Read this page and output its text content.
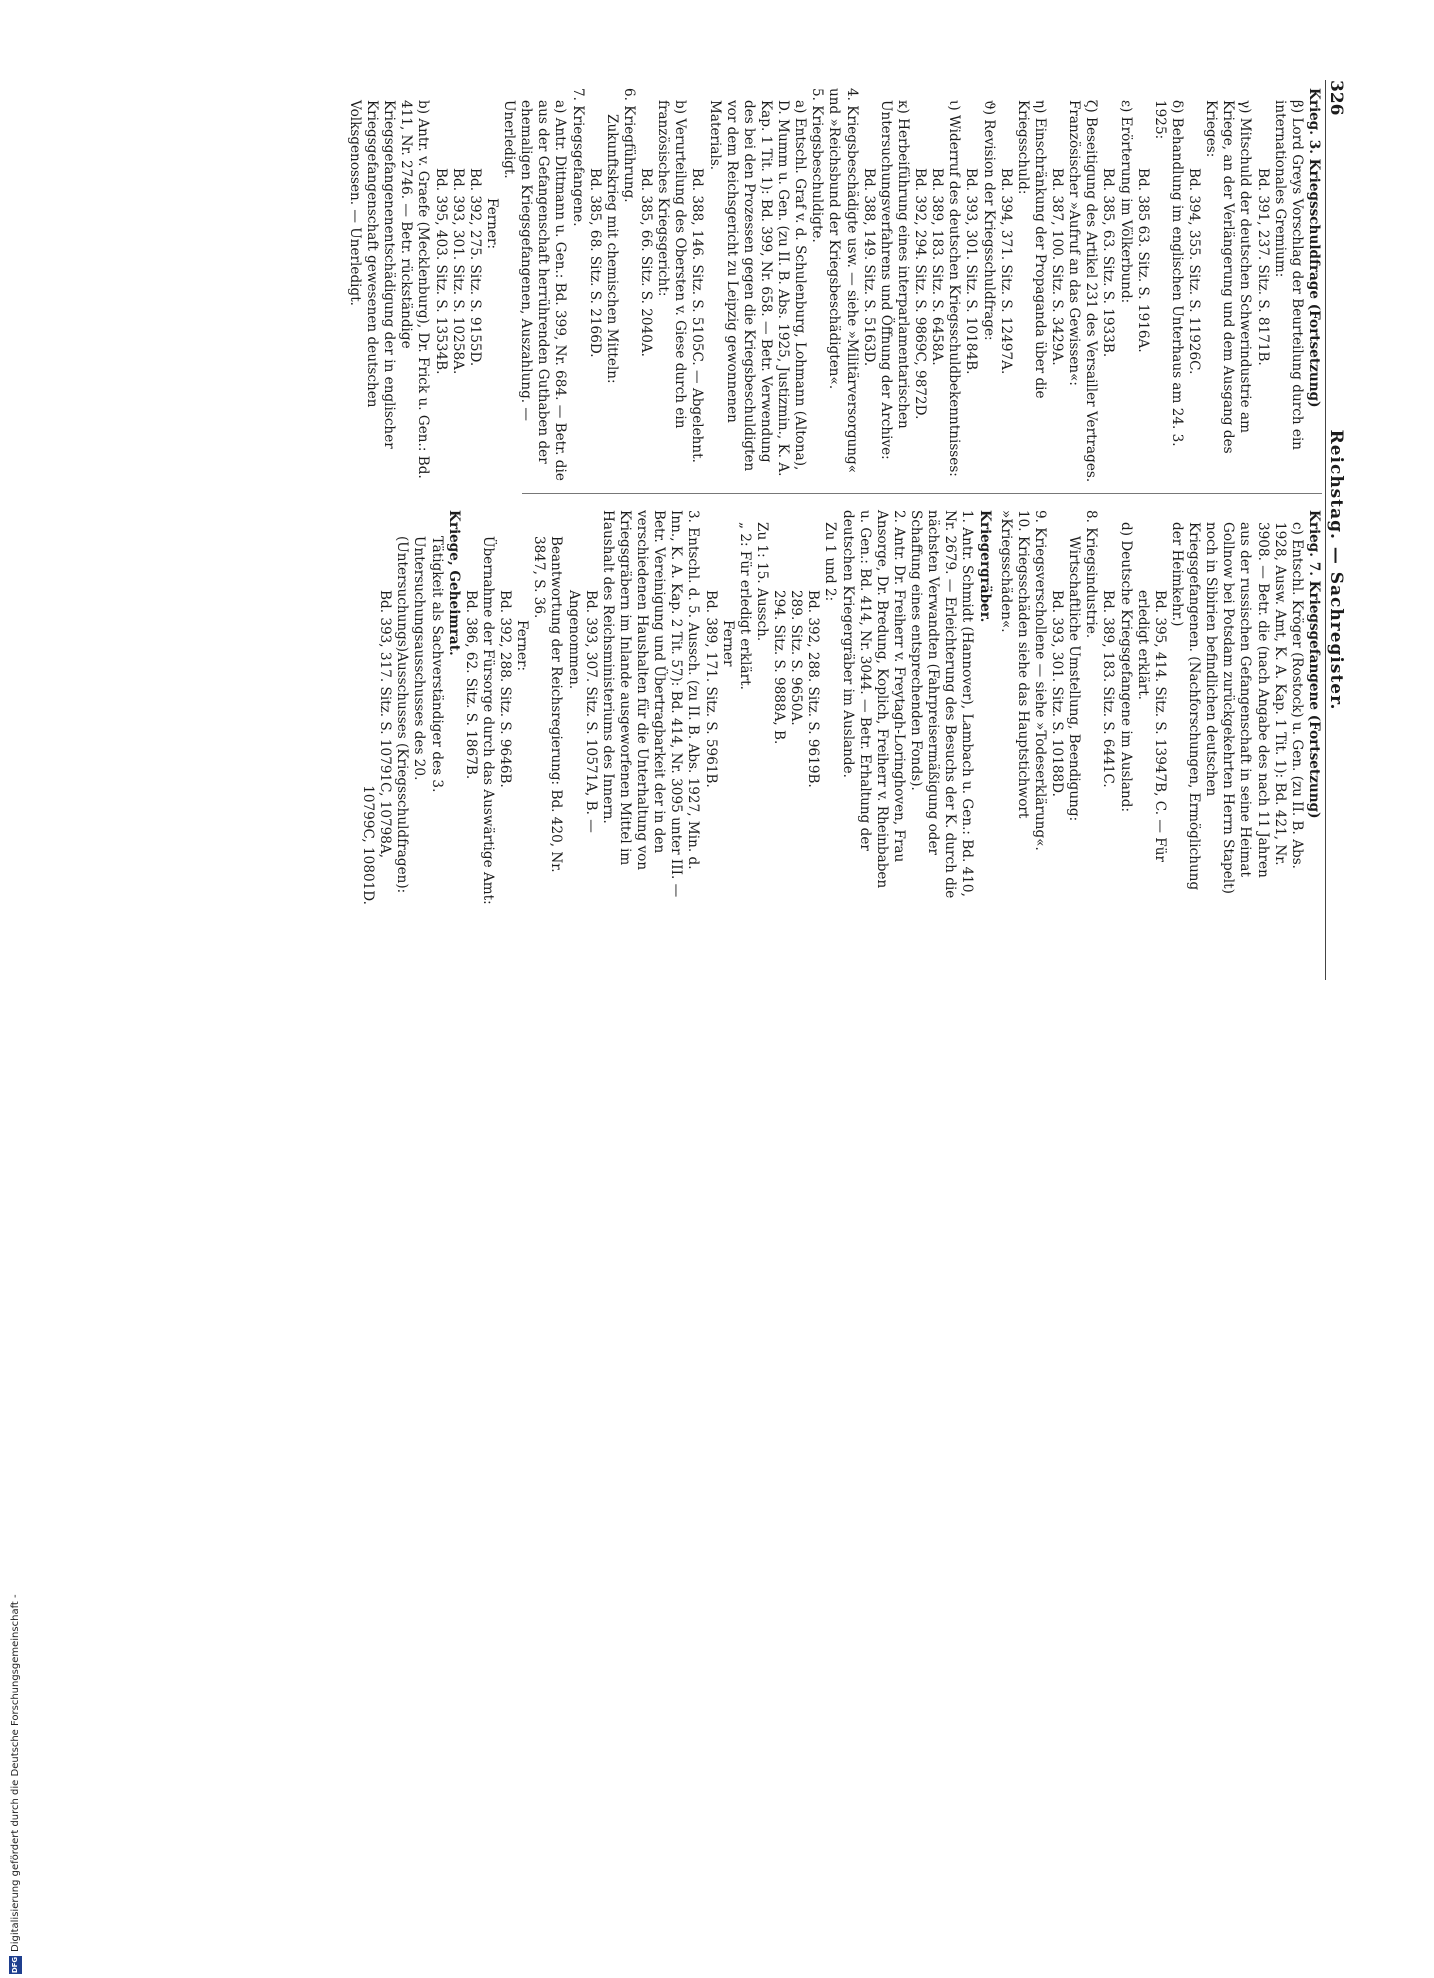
326
Reichstag. — Sachregister.

Krieg. 3. Kriegsschuldfrage (Fortsetzung)

β) Lord Greys Vorschlag der Beurteilung durch ein internationales Gremium:

Bd. 391, 237. Sitz. S. 8171B.

γ) Mitschuld der deutschen Schwerindustrie am Kriege, an der Verlängerung und dem Ausgang des Krieges:

Bd. 394, 355. Sitz. S. 11926C.

δ) Behandlung im englischen Unterhaus am 24. 3. 1925:

Bd. 385 63. Sitz. S. 1916A.

ε) Erörterung im Völkerbund:

Bd. 385, 63. Sitz. S. 1933B.

ζ) Beseitigung des Artikel 231 des Versailler Vertrages. Französischer »Aufruf an das Gewissen«:

Bd. 387, 100. Sitz. S. 3429A.

η) Einschränkung der Propaganda über die Kriegsschuld:

Bd. 394, 371. Sitz. S. 12497A.

ϑ) Revision der Kriegsschuldfrage:

Bd. 393, 301. Sitz. S. 10184B.

ι) Widerruf des deutschen Kriegsschuldbekenntnisses:

Bd. 389, 183. Sitz. S. 6458A.

Bd. 392, 294. Sitz. S. 9869C, 9872D.

κ) Herbeiführung eines interparlamentarischen Untersuchungsverfahrens und Öffnung der Archive:

Bd. 388, 149. Sitz. S. 5163D.

4. Kriegsbeschädigte usw. — siehe »Militärversorgung« und »Reichsbund der Kriegsbeschädigten«.

5. Kriegsbeschuldigte.

a) Entschl. Graf v. d. Schulenburg, Lohmann (Altona), D. Mumm u. Gen. (zu II. B. Abs. 1925, Justizmin., K. A. Kap. 1 Tit. 1): Bd. 399, Nr. 658. — Betr. Verwendung des bei den Prozessen gegen die Kriegsbeschuldigten vor dem Reichsgericht zu Leipzig gewonnenen Materials.

Bd. 388, 146. Sitz. S. 5105C. — Abgelehnt.

b) Verurteilung des Obersten v. Giese durch ein französisches Kriegsgericht:

Bd. 385, 66. Sitz. S. 2040A.

6. Kriegführung.

Zukunftskrieg mit chemischen Mitteln:

Bd. 385, 68. Sitz. S. 2166D.

7. Kriegsgefangene.

a) Antr. Dittmann u. Gen.: Bd. 399, Nr. 684. — Betr. die aus der Gefangenschaft herrührenden Guthaben der ehemaligen Kriegsgefangenen, Auszahlung. — Unerledigt.

Ferner:

Bd. 392, 275. Sitz. S. 9155D.

Bd. 393, 301. Sitz. S. 10258A.

Bd. 395, 403. Sitz. S. 13534B.

b) Antr. v. Graefe (Mecklenburg), Dr. Frick u. Gen.: Bd. 411, Nr. 2746. — Betr. rückständige Kriegsgefangenenentschädigung der in englischer Kriegsgefangenschaft gewesenen deutschen Volksgenossen. — Unerledigt.

Krieg. 7. Kriegsgefangene (Fortsetzung)

c) Entschl. Kröger (Rostock) u. Gen. (zu II. B. Abs. 1928, Ausw. Amt, K. A. Kap. 1 Tit. 1): Bd. 421, Nr. 3908. — Betr. die (nach Angabe des nach 11 Jahren aus der russischen Gefangenschaft in seine Heimat Gollnow bei Potsdam zurückgekehrten Herrn Stapelt) noch in Sibirien befindlichen deutschen Kriegsgefangenen. (Nachforschungen, Ermöglichung der Heimkehr.)

Bd. 395, 414. Sitz. S. 13947B, C. — Für erledigt erklärt.

d) Deutsche Kriegsgefangene im Ausland:

Bd. 389, 183. Sitz. S. 6441C.

8. Kriegsindustrie.

Wirtschaftliche Umstellung, Beendigung:

Bd. 393, 301. Sitz. S. 10188D.

9. Kriegsverschollene — siehe »Todeserklärung«.

10. Kriegsschäden siehe das Hauptstichwort »Kriegsschäden«.

Kriegergräber.

1. Antr. Schmidt (Hannover), Lambach u. Gen.: Bd. 410, Nr. 2679. — Erleichterung des Besuchs der K. durch die nächsten Verwandten (Fahrpreisermäßigung oder Schaffung eines entsprechenden Fonds).

2. Antr. Dr. Freiherr v. Freytagh-Loringhoven, Frau Ansorge, Dr. Bredung, Koplich, Freiherr v. Rheinbaben u. Gen.: Bd. 414, Nr. 3044. — Betr. Erhaltung der deutschen Kriegergräber im Auslande.

Zu 1 und 2:

Bd. 392, 288. Sitz. S. 9619B.

289. Sitz. S. 9650A.

294. Sitz. S. 9888A, B.

Zu 1: 15. Aussch.

„ 2: Für erledigt erklärt.

Ferner

Bd. 389, 171. Sitz. S. 5961B.

3. Entschl. d. 5. Aussch. (zu II. B. Abs. 1927, Min. d. Inn., K. A. Kap. 2 Tit. 57): Bd. 414, Nr. 3095 unter III. — Betr. Vereinigung und Übertragbarkeit der in den verschiedenen Haushalten für die Unterhaltung von Kriegsgräbern im Inlande ausgeworfenen Mittel im Haushalt des Reichsministeriums des Innern.

Bd. 393, 307. Sitz. S. 10571A, B. — Angenommen.

Beantwortung der Reichsregierung: Bd. 420, Nr. 3847, S. 36.

Ferner:

Bd. 392, 288. Sitz. S. 9646B.

Übernahme der Fürsorge durch das Auswärtige Amt:

Bd. 386, 62. Sitz. S. 1867B.

Kriege, Geheimrat.

Tätigkeit als Sachverständiger des 3. Untersuchungsausschusses des 20. (Untersuchungs)Ausschusses (Kriegsschuldfragen):

Bd. 393, 317. Sitz. S. 10791C, 10798A,

10799C, 10801D.

DFG
Digitalisierung gefördert durch die Deutsche Forschungsgemeinschaft -
